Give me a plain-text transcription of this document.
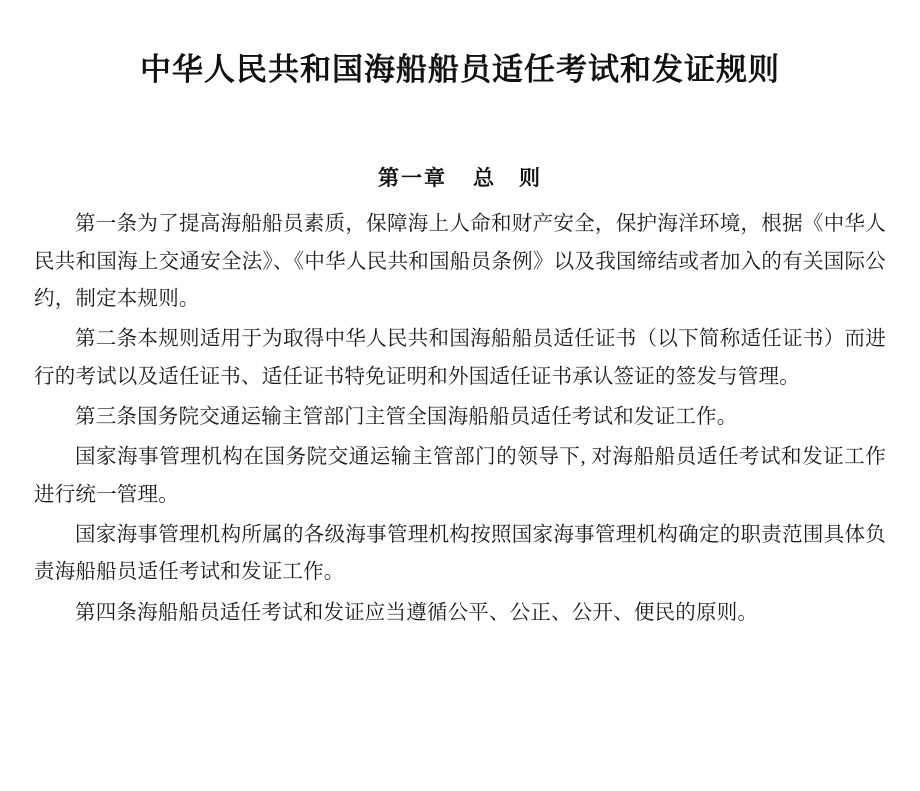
中华人民共和国海船船员适任考试和发证规则
第一章 总　则

第一条为了提高海船船员素质，保障海上人命和财产安全，保护海洋环境，根据《中华人民共和国海上交通安全法》、《中华人民共和国船员条例》以及我国缔结或者加入的有关国际公约，制定本规则。

第二条本规则适用于为取得中华人民共和国海船船员适任证书（以下简称适任证书）而进行的考试以及适任证书、适任证书特免证明和外国适任证书承认签证的签发与管理。

第三条国务院交通运输主管部门主管全国海船船员适任考试和发证工作。

国家海事管理机构在国务院交通运输主管部门的领导下, 对海船船员适任考试和发证工作进行统一管理。

国家海事管理机构所属的各级海事管理机构按照国家海事管理机构确定的职责范围具体负责海船船员适任考试和发证工作。

第四条海船船员适任考试和发证应当遵循公平、公正、公开、便民的原则。
